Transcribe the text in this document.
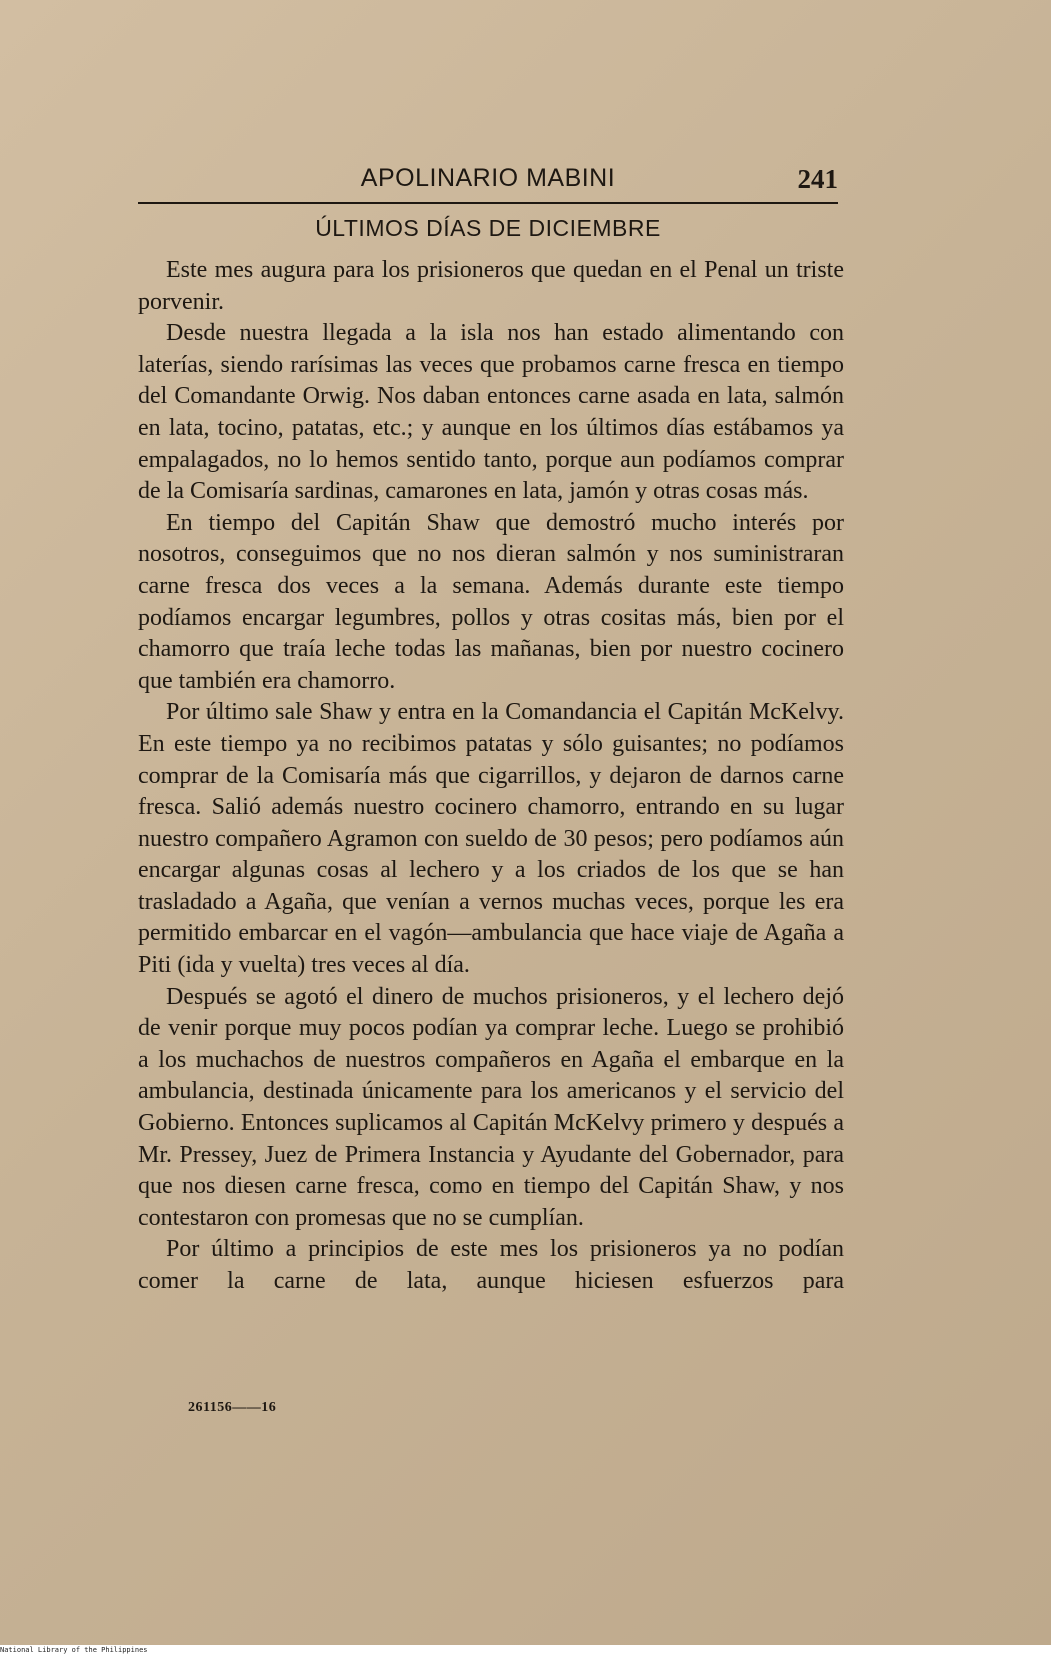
APOLINARIO MABINI	241
ÚLTIMOS DÍAS DE DICIEMBRE

Este mes augura para los prisioneros que quedan en el Penal un triste porvenir.

Desde nuestra llegada a la isla nos han estado alimentando con laterías, siendo rarísimas las veces que probamos carne fresca en tiempo del Comandante Orwig. Nos daban entonces carne asada en lata, salmón en lata, tocino, patatas, etc.; y aunque en los últimos días estábamos ya empalagados, no lo hemos sentido tanto, porque aun podíamos comprar de la Comisaría sardinas, camarones en lata, jamón y otras cosas más.

En tiempo del Capitán Shaw que demostró mucho interés por nosotros, conseguimos que no nos dieran salmón y nos suministraran carne fresca dos veces a la semana. Además durante este tiempo podíamos encargar legumbres, pollos y otras cositas más, bien por el chamorro que traía leche todas las mañanas, bien por nuestro cocinero que también era chamorro.

Por último sale Shaw y entra en la Comandancia el Capitán McKelvy. En este tiempo ya no recibimos patatas y sólo guisantes; no podíamos comprar de la Comisaría más que cigarrillos, y dejaron de darnos carne fresca. Salió además nuestro cocinero chamorro, entrando en su lugar nuestro compañero Agramon con sueldo de 30 pesos; pero podíamos aún encargar algunas cosas al lechero y a los criados de los que se han trasladado a Agaña, que venían a vernos muchas veces, porque les era permitido embarcar en el vagón—ambulancia que hace viaje de Agaña a Piti (ida y vuelta) tres veces al día.

Después se agotó el dinero de muchos prisioneros, y el lechero dejó de venir porque muy pocos podían ya comprar leche. Luego se prohibió a los muchachos de nuestros compañeros en Agaña el embarque en la ambulancia, destinada únicamente para los americanos y el servicio del Gobierno. Entonces suplicamos al Capitán McKelvy primero y después a Mr. Pressey, Juez de Primera Instancia y Ayudante del Gobernador, para que nos diesen carne fresca, como en tiempo del Capitán Shaw, y nos contestaron con promesas que no se cumplían.

Por último a principios de este mes los prisioneros ya no podían comer la carne de lata, aunque hiciesen esfuerzos para

261156——16
National Library of the Philippines
